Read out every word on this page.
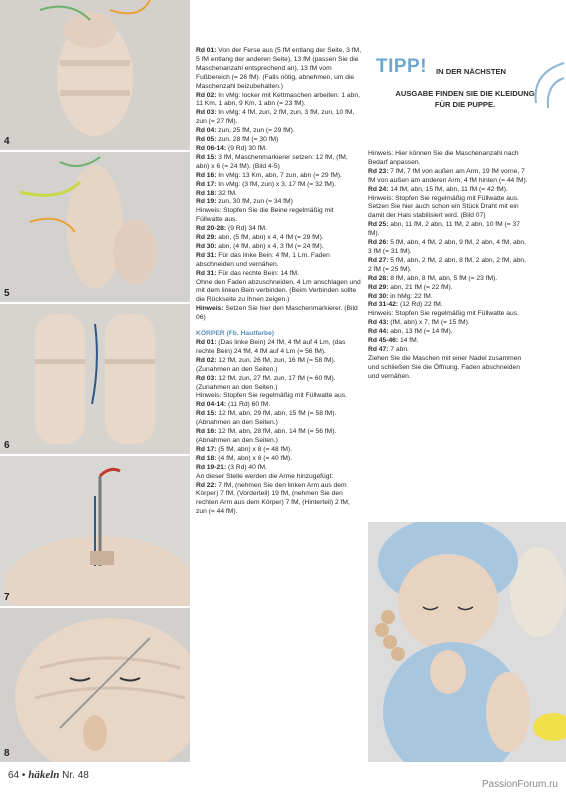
4
5
6
7
8

Rd 01: Von der Ferse aus (5 fM entlang der Seite, 3 fM, 5 fM entlang der anderen Seite), 13 fM (passen Sie die Maschenanzahl entsprechend an), 13 fM vom Fußbereich (= 26 fM). (Falls nötig, abnehmen, um die Maschenzahl beizubehalten.)

Rd 02: In vMg: locker mit Kettmaschen arbeiten: 1 abn, 11 Km, 1 abn, 9 Km, 1 abn (= 23 fM).

Rd 03: In vMg: 4 fM, zun, 2 fM, zun, 3 fM, zun, 10 fM, zun (= 27 fM).

Rd 04: zun, 25 fM, zun (= 29 fM).

Rd 05: zun, 28 fM (= 30 fM)

Rd 06-14: (9 Rd) 30 fM.

Rd 15: 3 fM, Maschenmarkierer setzen: 12 fM, (fM, abn) x 6 (= 24 fM). (Bild 4-5)

Rd 16: In vMg: 13 Km, abn, 7 zun, abn (= 29 fM).

Rd 17: In vMg: (3 fM, zun) x 3, 17 fM (= 32 fM).

Rd 18: 32 fM.

Rd 19: zun, 30 fM, zun (= 34 fM)

Hinweis: Stopfen Sie die Beine regelmäßig mit Füllwatte aus.

Rd 20-28: (9 Rd) 34 fM.

Rd 29: abn, (5 fM, abn) x 4, 4 fM (= 29 fM).

Rd 30: abn, (4 fM, abn) x 4, 3 fM (= 24 fM).

Rd 31: Für das linke Bein: 4 fM, 1 Lm. Faden abschneiden und vernähen.

Rd 31: Für das rechte Bein: 14 fM.

Ohne den Faden abzuschneiden, 4 Lm anschlagen und mit dem linken Bein verbinden. (Beim Verbinden sollte die Rückseite zu Ihnen zeigen.)

Hinweis: Setzen Sie hier den Maschenmarkierer. (Bild 06)

KÖRPER (Fb. Hautfarbe)

Rd 01: (Das linke Bein) 24 fM, 4 fM auf 4 Lm, (das rechte Bein) 24 fM, 4 fM auf 4 Lm (= 56 fM).

Rd 02: 12 fM, zun, 26 fM, zun, 16 fM (= 58 fM). (Zunahmen an den Seiten.)

Rd 03: 12 fM, zun, 27 fM, zun, 17 fM (= 60 fM). (Zunahmen an den Seiten.)

Hinweis: Stopfen Sie regelmäßig mit Füllwatte aus.

Rd 04-14: (11 Rd) 60 fM.

Rd 15: 12 fM, abn, 29 fM, abn, 15 fM (= 58 fM). (Abnahmen an den Seiten.)

Rd 16: 12 fM, abn, 28 fM, abn, 14 fM (= 56 fM). (Abnahmen an den Seiten.)

Rd 17: (5 fM, abn) x 8 (= 48 fM).

Rd 18: (4 fM, abn) x 8 (= 40 fM).

Rd 19-21: (3 Rd) 40 fM.

An dieser Stelle werden die Arme hinzugefügt:

Rd 22: 7 fM, (nehmen Sie den linken Arm aus dem Körper) 7 fM, (Vorderteil) 19 fM, (nehmen Sie den rechten Arm aus dem Körper) 7 fM, (Hinterteil) 2 fM, zun (= 44 fM).

TIPP! IN DER NÄCHSTEN
AUSGABE FINDEN SIE DIE KLEIDUNG FÜR DIE PUPPE.

Hinweis: Hier können Sie die Maschenanzahl nach Bedarf anpassen.

Rd 23: 7 fM, 7 fM von außen am Arm, 19 fM vorne, 7 fM von außen am anderen Arm, 4 fM hinten (= 44 fM).

Rd 24: 14 fM, abn, 15 fM, abn, 11 fM (= 42 fM).

Hinweis: Stopfen Sie regelmäßig mit Füllwatte aus. Setzen Sie hier auch schon ein Stück Draht mit ein damit der Hals stabilisiert wird. (Bild 07)

Rd 25: abn, 11 fM, 2 abn, 11 fM, 2 abn, 10 fM (= 37 fM).

Rd 26: 5 fM, abn, 4 fM, 2 abn, 9 fM, 2 abn, 4 fM, abn, 3 fM (= 31 fM).

Rd 27: 5 fM, abn, 2 fM, 2 abn, 8 fM, 2 abn, 2 fM, abn, 2 fM (= 25 fM).

Rd 28: 8 fM, abn, 8 fM, abn, 5 fM (= 23 fM).

Rd 29: abn, 21 fM (= 22 fM).

Rd 30: in hMg: 22 fM.

Rd 31-42: (12 Rd) 22 fM.

Hinweis: Stopfen Sie regelmäßig mit Füllwatte aus.

Rd 43: (fM, abn) x 7, fM (= 15 fM).

Rd 44: abn, 13 fM (= 14 fM).

Rd 45-46: 14 fM.

Rd 47: 7 abn.

Ziehen Sie die Maschen mit einer Nadel zusammen und schließen Sie die Öffnung. Faden abschneiden und vernähen.

64 • häkeln Nr. 48
PassionForum.ru
